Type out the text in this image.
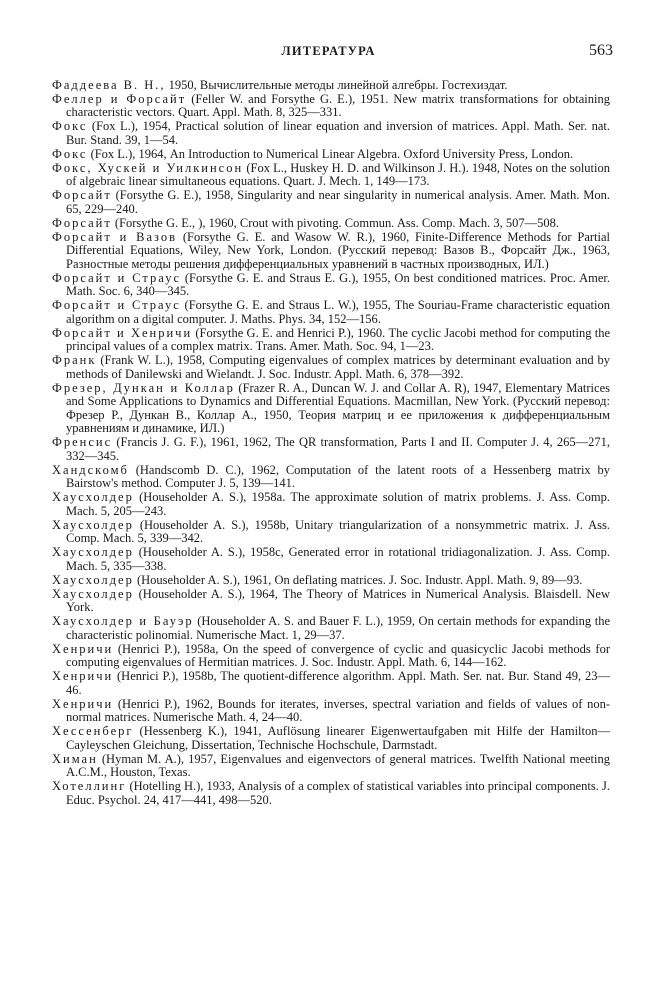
ЛИТЕРАТУРА	563

Фаддеева В. Н., 1950, Вычислительные методы линейной алгебры. Гостехиздат.

Феллер и Форсайт (Feller W. and Forsythe G. E.), 1951. New matrix transformations for obtaining characteristic vectors. Quart. Appl. Math. 8, 325—331.

Фокс (Fox L.), 1954, Practical solution of linear equation and inversion of matrices. Appl. Math. Ser. nat. Bur. Stand. 39, 1—54.

Фокс (Fox L.), 1964, An Introduction to Numerical Linear Algebra. Oxford University Press, London.

Фокс, Хускей и Уилкинсон (Fox L., Huskey H. D. and Wilkinson J. H.). 1948, Notes on the solution of algebraic linear simultaneous equations. Quart. J. Mech. 1, 149—173.

Форсайт (Forsythe G. E.), 1958, Singularity and near singularity in numerical analysis. Amer. Math. Mon. 65, 229—240.

Форсайт (Forsythe G. E., ), 1960, Crout with pivoting. Commun. Ass. Comp. Mach. 3, 507—508.

Форсайт и Вазов (Forsythe G. E. and Wasow W. R.), 1960, Finite-Difference Methods for Partial Differential Equations, Wiley, New York, London. (Русский перевод: Вазов В., Форсайт Дж., 1963, Разностные методы решения дифференциальных уравнений в частных производных, ИЛ.)

Форсайт и Страус (Forsythe G. E. and Straus E. G.), 1955, On best conditioned matrices. Proc. Amer. Math. Soc. 6, 340—345.

Форсайт и Страус (Forsythe G. E. and Straus L. W.), 1955, The Souriau-Frame characteristic equation algorithm on a digital computer. J. Maths. Phys. 34, 152—156.

Форсайт и Хенричи (Forsythe G. E. and Henrici P.), 1960. The cyclic Jacobi method for computing the principal values of a complex matrix. Trans. Amer. Math. Soc. 94, 1—23.

Франк (Frank W. L.), 1958, Computing eigenvalues of complex matrices by determinant evaluation and by methods of Danilewski and Wielandt. J. Soc. Industr. Appl. Math. 6, 378—392.

Фрезер, Дункан и Коллар (Frazer R. A., Duncan W. J. and Collar A. R), 1947, Elementary Matrices and Some Applications to Dynamics and Differential Equations. Macmillan, New York. (Русский перевод: Фрезер Р., Дункан В., Коллар А., 1950, Теория матриц и ее приложения к дифференциальным уравнениям и динамике, ИЛ.)

Френсис (Francis J. G. F.), 1961, 1962, The QR transformation, Parts I and II. Computer J. 4, 265—271, 332—345.

Хандскомб (Handscomb D. C.), 1962, Computation of the latent roots of a Hessenberg matrix by Bairstow's method. Computer J. 5, 139—141.

Хаусхолдер (Householder A. S.), 1958a. The approximate solution of matrix problems. J. Ass. Comp. Mach. 5, 205—243.

Хаусхолдер (Householder A. S.), 1958b, Unitary triangularization of a nonsymmetric matrix. J. Ass. Comp. Mach. 5, 339—342.

Хаусхолдер (Householder A. S.), 1958c, Generated error in rotational tridiagonalization. J. Ass. Comp. Mach. 5, 335—338.

Хаусхолдер (Householder A. S.), 1961, On deflating matrices. J. Soc. Industr. Appl. Math. 9, 89—93.

Хаусхолдер (Householder A. S.), 1964, The Theory of Matrices in Numerical Analysis. Blaisdell. New York.

Хаусхолдер и Бауэр (Householder A. S. and Bauer F. L.), 1959, On certain methods for expanding the characteristic polinomial. Numerische Mact. 1, 29—37.

Хенричи (Henrici P.), 1958a, On the speed of convergence of cyclic and quasicyclic Jacobi methods for computing eigenvalues of Hermitian matrices. J. Soc. Industr. Appl. Math. 6, 144—162.

Хенричи (Henrici P.), 1958b, The quotient-difference algorithm. Appl. Math. Ser. nat. Bur. Stand 49, 23—46.

Хенричи (Henrici P.), 1962, Bounds for iterates, inverses, spectral variation and fields of values of non-normal matrices. Numerische Math. 4, 24—40.

Хессенберг (Hessenberg K.), 1941, Auflösung linearer Eigenwertaufgaben mit Hilfe der Hamilton—Cayleyschen Gleichung, Dissertation, Technische Hochschule, Darmstadt.

Химан (Hyman M. A.), 1957, Eigenvalues and eigenvectors of general matrices. Twelfth National meeting A.C.M., Houston, Texas.

Хотеллинг (Hotelling H.), 1933, Analysis of a complex of statistical variables into principal components. J. Educ. Psychol. 24, 417—441, 498—520.
